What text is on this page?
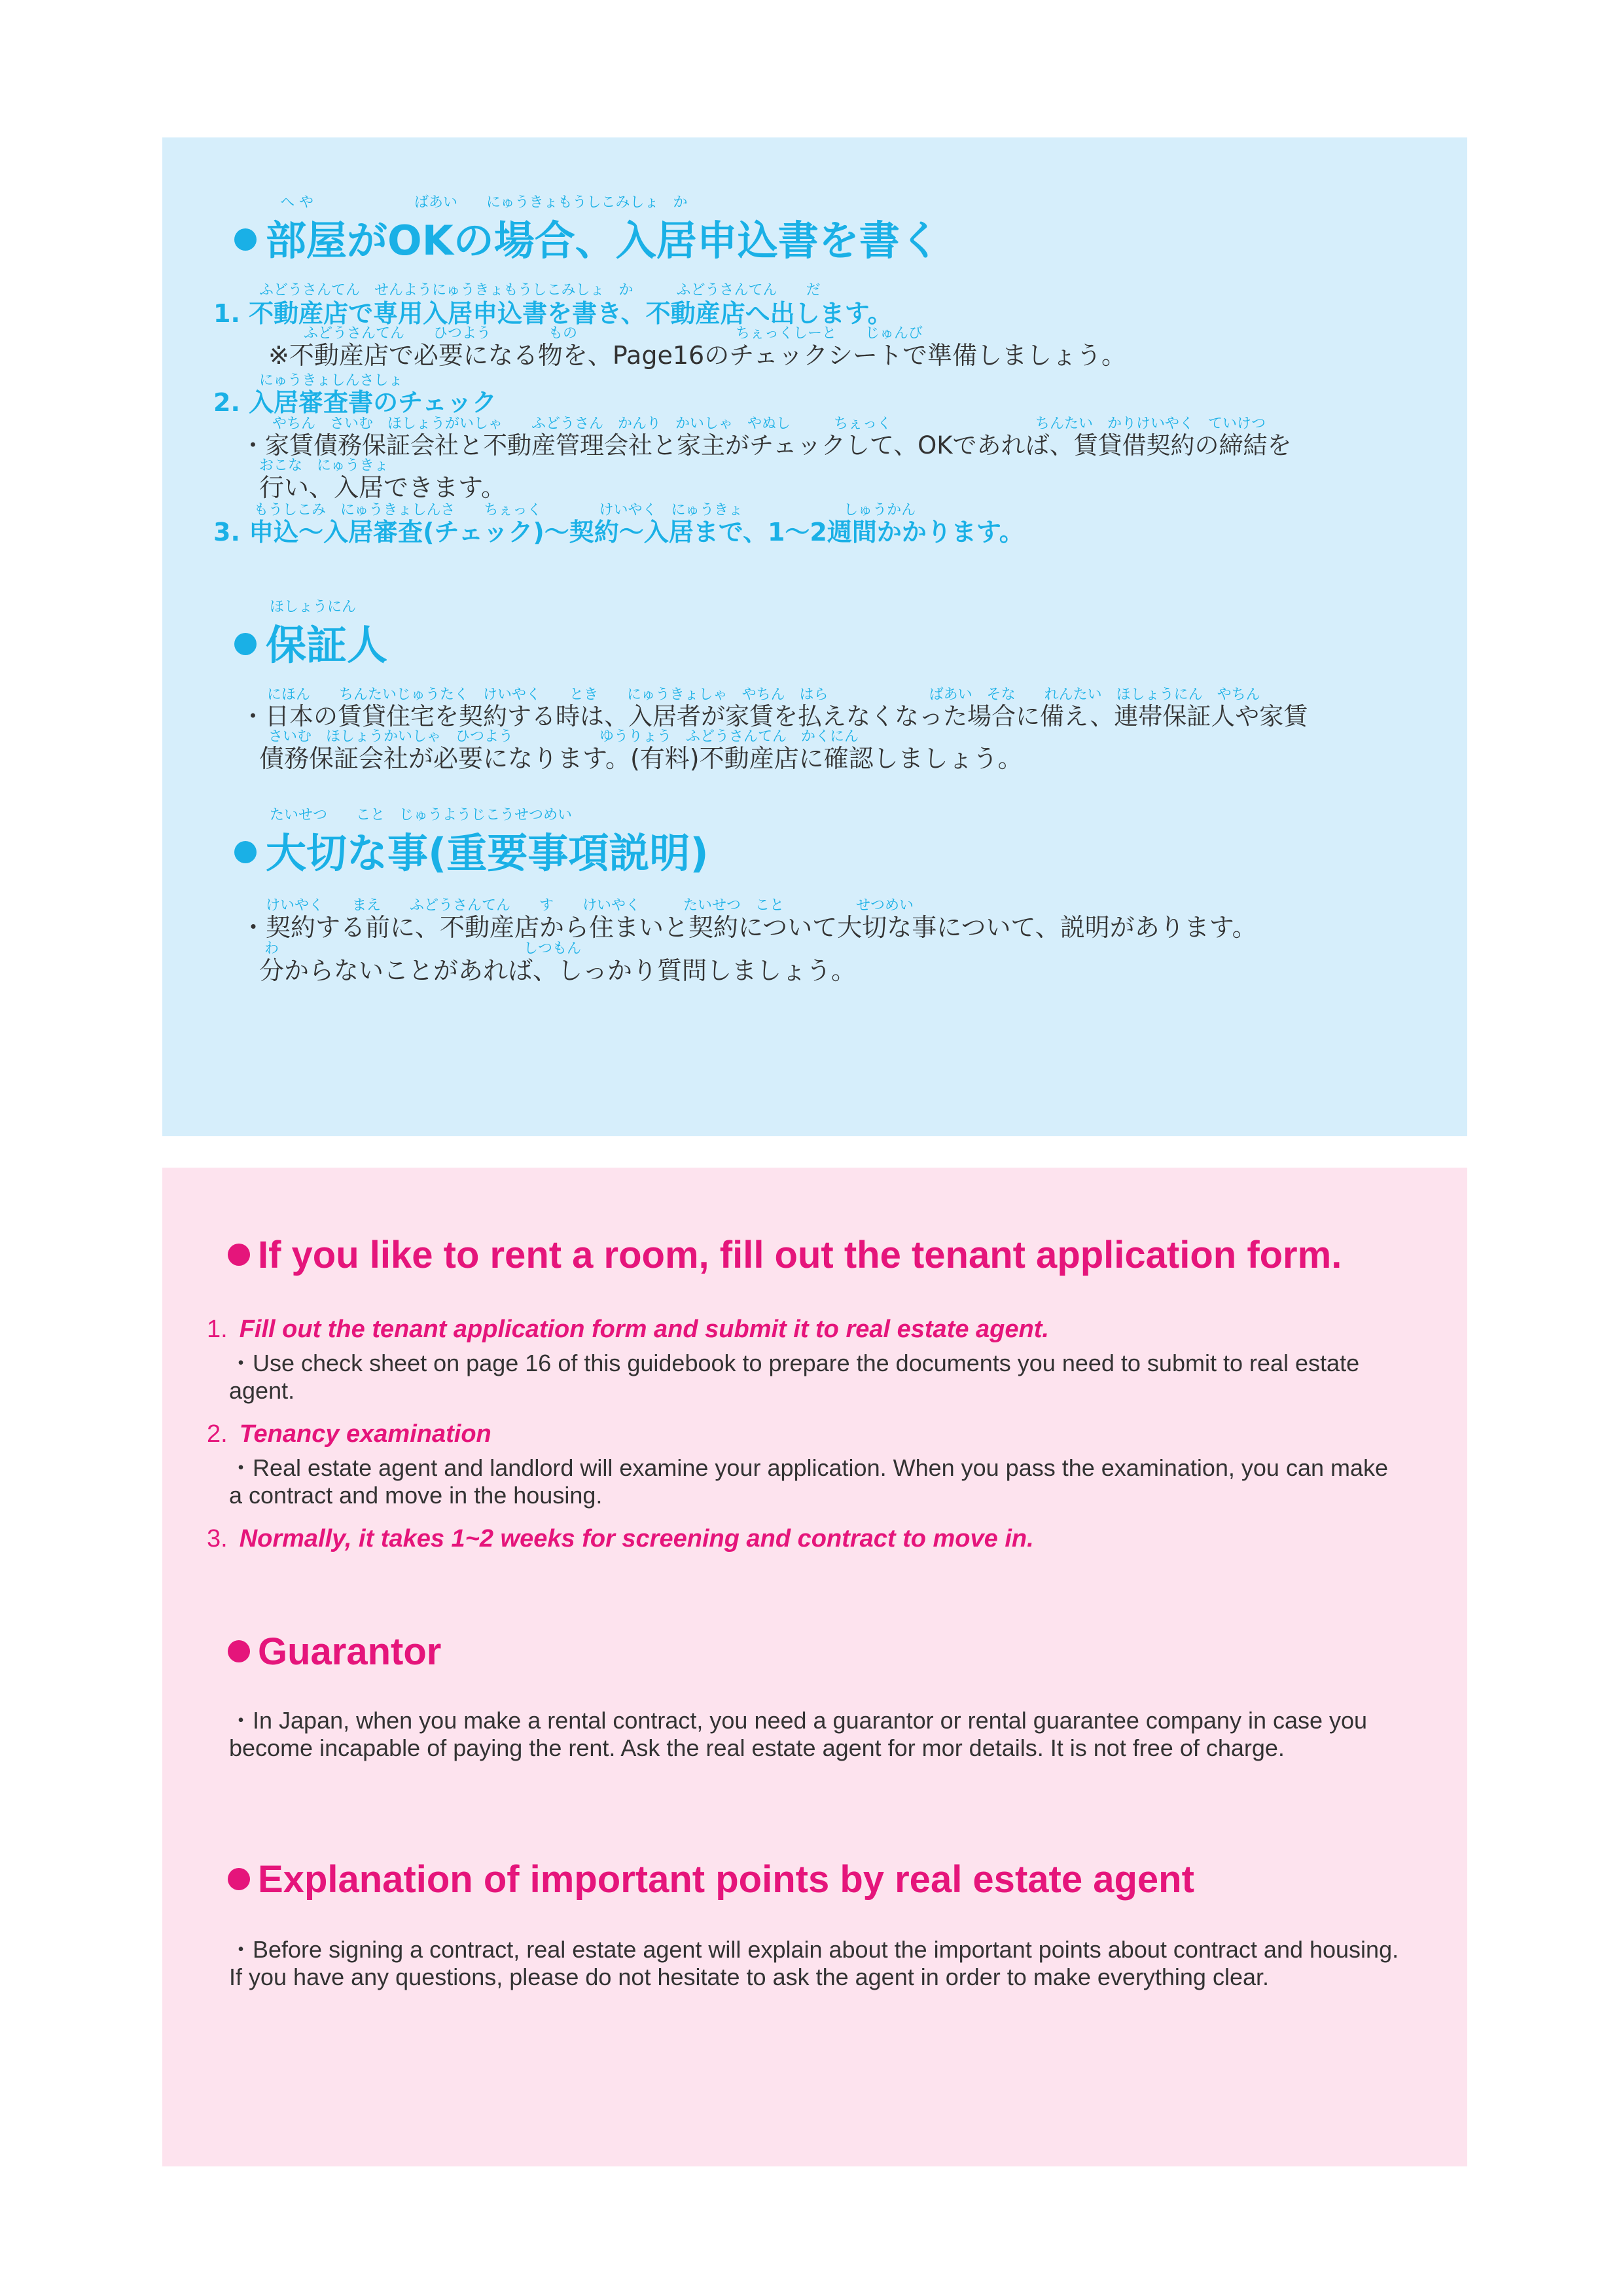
へ や　　　　　　　ばあい　　にゅうきょもうしこみしょ　か
部屋がOKの場合、入居申込書を書く
ふどうさんてん　せんようにゅうきょもうしこみしょ　か　　　ふどうさんてん　　だ
1. 不動産店で専用入居申込書を書き、不動産店へ出します。
ふどうさんてん　　ひつよう　　　　もの　　　　　　　　　　　ちぇっくしーと　　じゅんび
※不動産店で必要になる物を、Page16のチェックシートで準備しましょう。
にゅうきょしんさしょ
2. 入居審査書のチェック
やちん　さいむ　ほしょうがいしゃ　　ふどうさん　かんり　かいしゃ　やぬし　　　ちぇっく　　　　　　　　　　ちんたい　かりけいやく　ていけつ
・家賃債務保証会社と不動産管理会社と家主がチェックして、OKであれば、賃貸借契約の締結を
おこな　にゅうきょ
行い、入居できます。
もうしこみ　にゅうきょしんさ　　ちぇっく　　　　けいやく　にゅうきょ　　　　　　　しゅうかん
3. 申込～入居審査(チェック)～契約～入居まで、1～2週間かかります。
ほしょうにん
保証人
にほん　　ちんたいじゅうたく　けいやく　　とき　　にゅうきょしゃ　やちん　はら　　　　　　　ばあい　そな　　れんたい　ほしょうにん　やちん
・日本の賃貸住宅を契約する時は、入居者が家賃を払えなくなった場合に備え、連帯保証人や家賃
さいむ　ほしょうかいしゃ　ひつよう　　　　　　ゆうりょう　ふどうさんてん　かくにん
債務保証会社が必要になります。(有料)不動産店に確認しましょう。
たいせつ　　こと　じゅうようじこうせつめい
大切な事(重要事項説明)
けいやく　　まえ　　ふどうさんてん　　す　　けいやく　　　たいせつ　こと　　　　　せつめい
・契約する前に、不動産店から住まいと契約について大切な事について、説明があります。
わ　　　　　　　　　　　　　　　　　しつもん
分からないことがあれば、しっかり質問しましょう。
If you like to rent a room, fill out the tenant application form.
1. Fill out the tenant application form and submit it to real estate agent.
・Use check sheet on page 16 of this guidebook to prepare the documents you need to submit to real estate agent.
2. Tenancy examination
・Real estate agent and landlord will examine your application. When you pass the examination, you can make a contract and move in the housing.
3. Normally, it takes 1~2 weeks for screening and contract to move in.
Guarantor
・In Japan, when you make a rental contract, you need a guarantor or rental guarantee company in case you become incapable of paying the rent. Ask the real estate agent for mor details. It is not free of charge.
Explanation of important points by real estate agent
・Before signing a contract, real estate agent will explain about the important points about contract and housing. If you have any questions, please do not hesitate to ask the agent in order to make everything clear.
